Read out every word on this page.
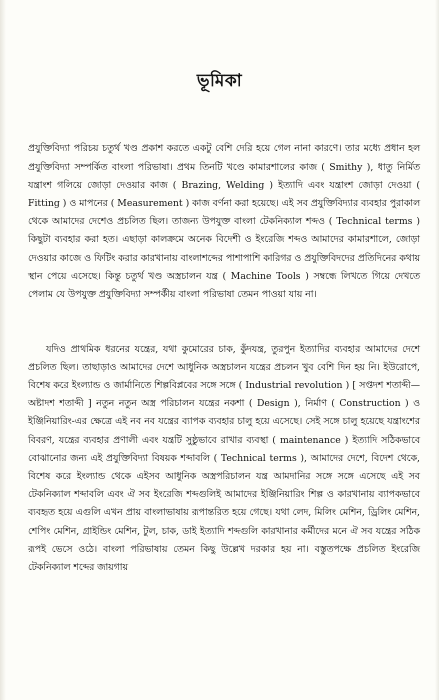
ভূমিকা

প্রযুক্তিবিদ্যা পরিচয় চতুর্থ খণ্ড প্রকাশ করতে একটু বেশি দেরি হয়ে গেল নানা কারণে। তার মধ্যে প্রধান হল প্রযুক্তিবিদ্যা সম্পর্কিত বাংলা পরিভাষা। প্রথম তিনটি খণ্ডে কামারশালের কাজ ( Smithy ), ধাতু নির্মিত যন্ত্রাংশ গলিয়ে জোড়া দেওয়ার কাজ ( Brazing, Welding ) ইত্যাদি এবং যন্ত্রাংশ জোড়া দেওয়া ( Fitting ) ও মাপনের ( Measurement ) কাজ বর্ণনা করা হয়েছে। এই সব প্রযুক্তিবিদ্যার ব্যবহার পুরাকাল থেকে আমাদের দেশেও প্রচলিত ছিল। তাজন্য উপযুক্ত বাংলা টেকনিক্যাল শব্দও ( Technical terms ) কিছুটা ব্যবহার করা হত। এছাড়া কালক্রমে অনেক বিদেশী ও ইংরেজি শব্দও আমাদের কামারশালে, জোড়া দেওয়ার কাজে ও ফিটিং করার কারখানায় বাংলাশব্দের পাশাপাশি কারিগর ও প্রযুক্তিবিদদের প্রতিদিনের কথায় স্থান পেয়ে এসেছে। কিন্তু চতুর্থ খণ্ড অস্ত্রচালন যন্ত্র ( Machine Tools ) সম্বন্ধে লিখতে গিয়ে দেখতে পেলাম যে উপযুক্ত প্রযুক্তিবিদ্যা সম্পর্কীয় বাংলা পরিভাষা তেমন পাওয়া যায় না।

যদিও প্রাথমিক ধরনের যন্ত্রের, যথা কুমোরের চাক, কুঁদযন্ত্র, তুরপুন ইত্যাদির ব্যবহার আমাদের দেশে প্রচলিত ছিল। তাছাড়াও আমাদের দেশে আধুনিক অস্ত্রচালন যন্ত্রের প্রচলন খুব বেশি দিন হয় নি। ইউরোপে, বিশেষ করে ইংল্যান্ড ও জার্মানিতে শিল্পবিপ্লবের সঙ্গে সঙ্গে ( Industrial revolution ) [ সপ্তদশ শতাব্দী—অষ্টাদশ শতাব্দী ] নতুন নতুন অস্ত্র পরিচালন যন্ত্রের নকশা ( Design ), নির্মাণ ( Construction ) ও ইঞ্জিনিয়ারিং-এর ক্ষেত্রে এই নব নব যন্ত্রের ব্যাপক ব্যবহার চালু হয়ে এসেছে। সেই সঙ্গে চালু হয়েছে যন্ত্রাংশের বিবরণ, যন্ত্রের ব্যবহার প্রণালী এবং যন্ত্রটি সুষ্ঠুভাবে রাখার ব্যবস্থা ( maintenance ) ইত্যাদি সঠিকভাবে বোঝানোর জন্য এই প্রযুক্তিবিদ্যা বিষয়ক শব্দাবলি ( Technical terms ), আমাদের দেশে, বিদেশ থেকে, বিশেষ করে ইংল্যান্ড থেকে এইসব আধুনিক অস্ত্রপরিচালন যন্ত্র আমদানির সঙ্গে সঙ্গে এসেছে এই সব টেকনিক্যাল শব্দাবলি এবং ঐ সব ইংরেজি শব্দগুলিই আমাদের ইঞ্জিনিয়ারিং শিল্প ও কারখানায় ব্যাপকভাবে ব্যবহৃত হয়ে এগুলি এখন প্রায় বাংলাভাষায় রূপান্তরিত হয়ে গেছে। যথা লেদ, মিলিং মেশিন, ড্রিলিং মেশিন, শেপিং মেশিন, গ্রাইন্ডিং মেশিন, টুল, চাক, ডাই ইত্যাদি শব্দগুলি কারখানার কর্মীদের মনে ঐ সব যন্ত্রের সঠিক রূপই ভেসে ওঠে। বাংলা পরিভাষায় তেমন কিছু উল্লেখ দরকার হয় না। বস্তুতপক্ষে প্রচলিত ইংরেজি টেকনিক্যাল শব্দের জায়গায়
